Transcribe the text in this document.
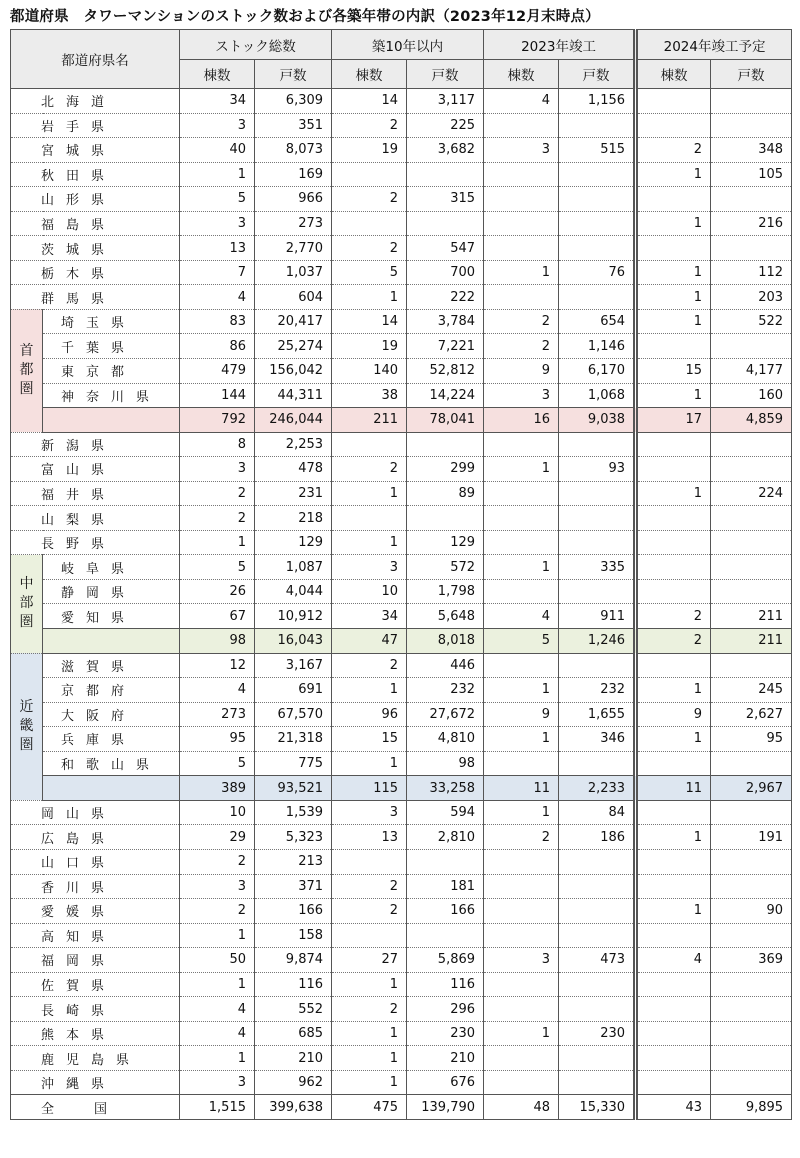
都道府県　タワーマンションのストック数および各築年帯の内訳（2023年12月末時点）
都道府県名		ストック総数		築10年以内		2023年竣工		2024年竣工予定	
		棟数	戸数	棟数	戸数	棟数	戸数	棟数	戸数
北海道		34	6,309	14	3,117	4	1,156		
岩手県		3	351	2	225				
宮城県		40	8,073	19	3,682	3	515	2	348
秋田県		1	169					1	105
山形県		5	966	2	315				
福島県		3	273					1	216
茨城県		13	2,770	2	547				
栃木県		7	1,037	5	700	1	76	1	112
群馬県		4	604	1	222			1	203

首
都
圏	埼玉県	83	20,417	14	3,784	2	654	1	522
	千葉県	86	25,274	19	7,221	2	1,146		
	東京都	479	156,042	140	52,812	9	6,170	15	4,177
	神奈川県	144	44,311	38	14,224	3	1,068	1	160
		792	246,044	211	78,041	16	9,038	17	4,859
新潟県		8	2,253						
富山県		3	478	2	299	1	93		
福井県		2	231	1	89			1	224
山梨県		2	218						
長野県		1	129	1	129				

中
部
圏	岐阜県	5	1,087	3	572	1	335		
	静岡県	26	4,044	10	1,798				
	愛知県	67	10,912	34	5,648	4	911	2	211
		98	16,043	47	8,018	5	1,246	2	211

近
畿
圏	滋賀県	12	3,167	2	446				
	京都府	4	691	1	232	1	232	1	245
	大阪府	273	67,570	96	27,672	9	1,655	9	2,627
	兵庫県	95	21,318	15	4,810	1	346	1	95
	和歌山県	5	775	1	98				
		389	93,521	115	33,258	11	2,233	11	2,967
岡山県		10	1,539	3	594	1	84		
広島県		29	5,323	13	2,810	2	186	1	191
山口県		2	213						
香川県		3	371	2	181				
愛媛県		2	166	2	166			1	90
高知県		1	158						
福岡県		50	9,874	27	5,869	3	473	4	369
佐賀県		1	116	1	116				
長崎県		4	552	2	296				
熊本県		4	685	1	230	1	230		
鹿児島県		1	210	1	210				
沖縄県		3	962	1	676				
全国		1,515	399,638	475	139,790	48	15,330	43	9,895
